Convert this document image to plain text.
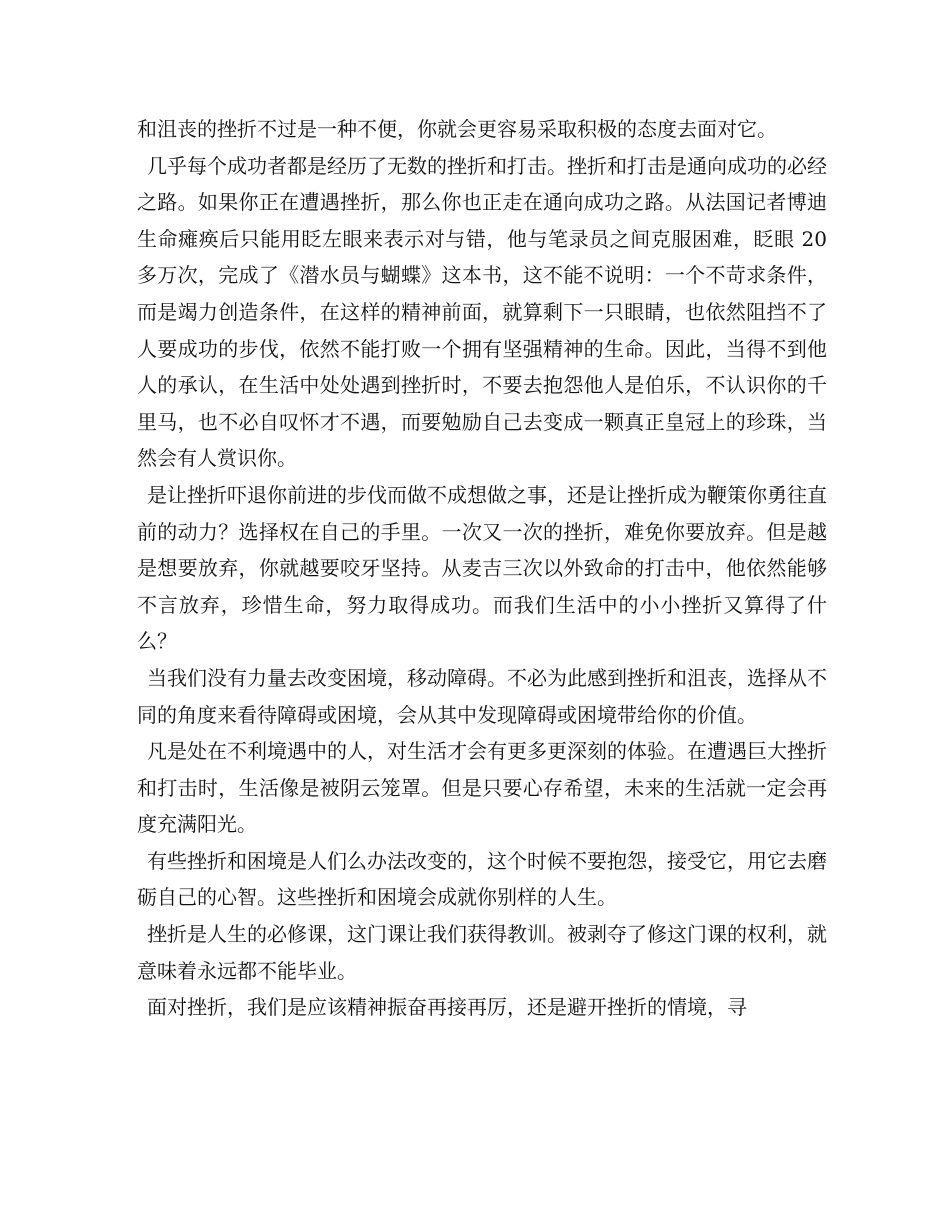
和沮丧的挫折不过是一种不便，你就会更容易采取积极的态度去面对它。

几乎每个成功者都是经历了无数的挫折和打击。挫折和打击是通向成功的必经之路。如果你正在遭遇挫折，那么你也正走在通向成功之路。从法国记者博迪生命瘫痪后只能用眨左眼来表示对与错，他与笔录员之间克服困难，眨眼 20 多万次，完成了《潜水员与蝴蝶》这本书，这不能不说明：一个不苛求条件，而是竭力创造条件，在这样的精神前面，就算剩下一只眼睛，也依然阻挡不了人要成功的步伐，依然不能打败一个拥有坚强精神的生命。因此，当得不到他人的承认，在生活中处处遇到挫折时，不要去抱怨他人是伯乐，不认识你的千里马，也不必自叹怀才不遇，而要勉励自己去变成一颗真正皇冠上的珍珠，当然会有人赏识你。

是让挫折吓退你前进的步伐而做不成想做之事，还是让挫折成为鞭策你勇往直前的动力？选择权在自己的手里。一次又一次的挫折，难免你要放弃。但是越是想要放弃，你就越要咬牙坚持。从麦吉三次以外致命的打击中，他依然能够不言放弃，珍惜生命，努力取得成功。而我们生活中的小小挫折又算得了什么？

当我们没有力量去改变困境，移动障碍。不必为此感到挫折和沮丧，选择从不同的角度来看待障碍或困境，会从其中发现障碍或困境带给你的价值。

凡是处在不利境遇中的人，对生活才会有更多更深刻的体验。在遭遇巨大挫折和打击时，生活像是被阴云笼罩。但是只要心存希望，未来的生活就一定会再度充满阳光。

有些挫折和困境是人们么办法改变的，这个时候不要抱怨，接受它，用它去磨砺自己的心智。这些挫折和困境会成就你别样的人生。

挫折是人生的必修课，这门课让我们获得教训。被剥夺了修这门课的权利，就意味着永远都不能毕业。

面对挫折，我们是应该精神振奋再接再厉，还是避开挫折的情境，寻
